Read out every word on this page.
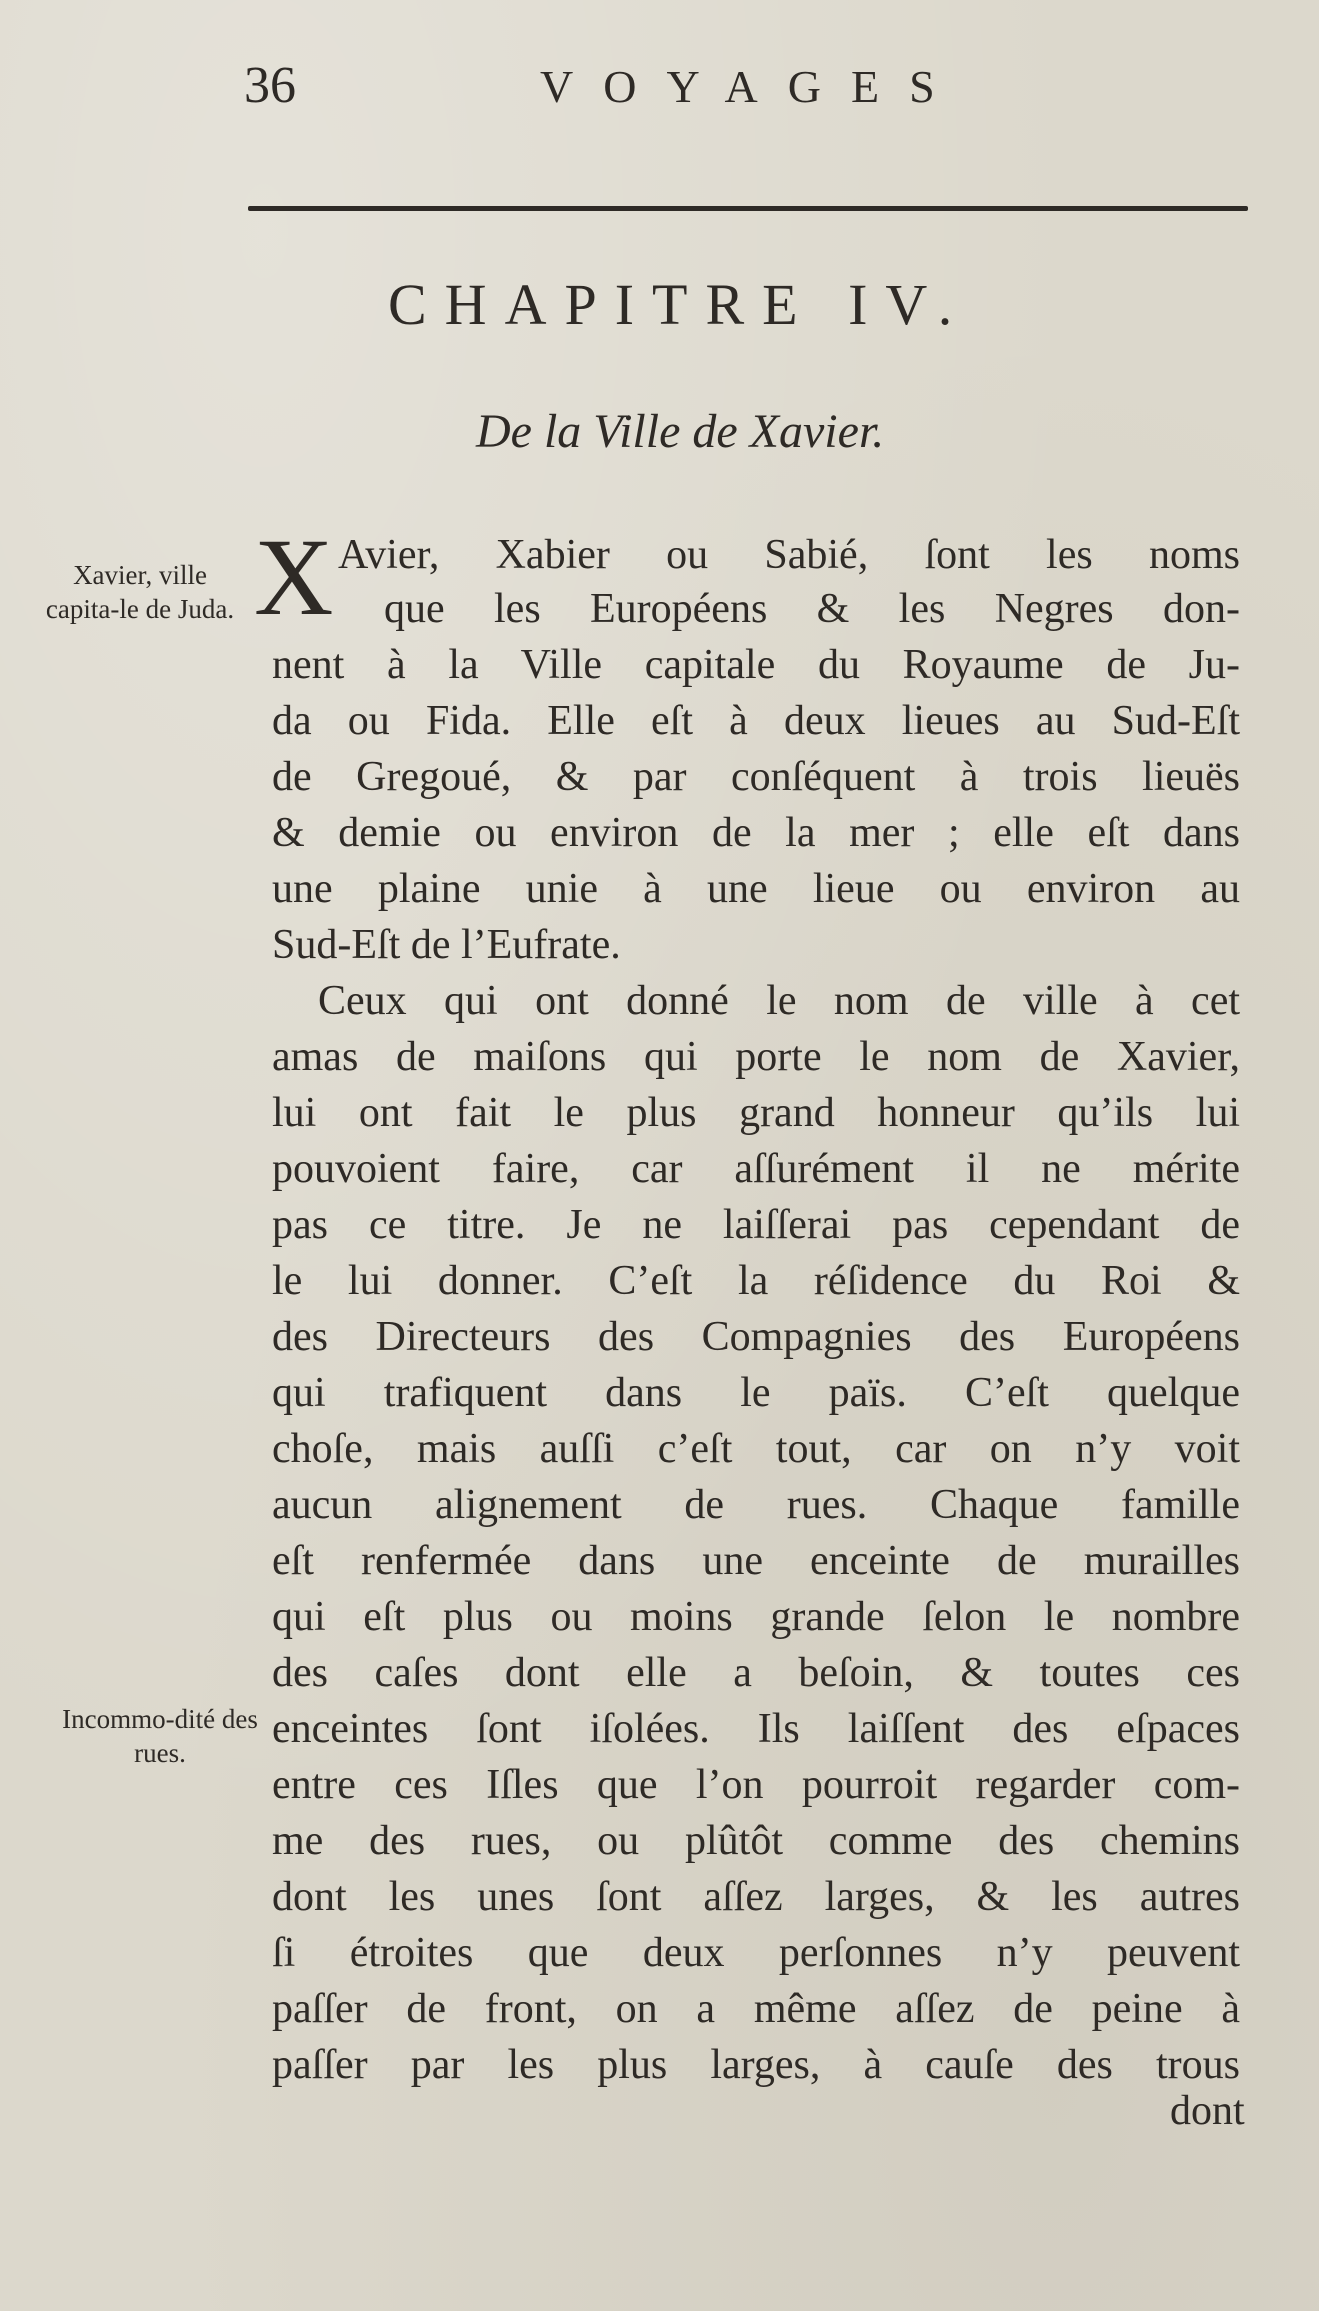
36	VOYAGES
CHAPITRE IV.
De la Ville de Xavier.
Xavier, ville capita-le de Juda.
Incommo-dité des rues.
X Avier, Xabier ou Sabié, ſont les noms
que les Européens & les Negres don-
nent à la Ville capitale du Royaume de Ju-
da ou Fida. Elle eſt à deux lieues au Sud-Eſt
de Gregoué, & par conſéquent à trois lieuës
& demie ou environ de la mer ; elle eſt dans
une plaine unie à une lieue ou environ au
Sud-Eſt de l’Eufrate.
Ceux qui ont donné le nom de ville à cet
amas de maiſons qui porte le nom de Xavier,
lui ont fait le plus grand honneur qu’ils lui
pouvoient faire, car aſſurément il ne mérite
pas ce titre. Je ne laiſſerai pas cependant de
le lui donner. C’eſt la réſidence du Roi &
des Directeurs des Compagnies des Européens
qui trafiquent dans le païs. C’eſt quelque
choſe, mais auſſi c’eſt tout, car on n’y voit
aucun alignement de rues. Chaque famille
eſt renfermée dans une enceinte de murailles
qui eſt plus ou moins grande ſelon le nombre
des caſes dont elle a beſoin, & toutes ces
enceintes ſont iſolées. Ils laiſſent des eſpaces
entre ces Iſles que l’on pourroit regarder com-
me des rues, ou plûtôt comme des chemins
dont les unes ſont aſſez larges, & les autres
ſi étroites que deux perſonnes n’y peuvent
paſſer de front, on a même aſſez de peine à
paſſer par les plus larges, à cauſe des trous
dont
